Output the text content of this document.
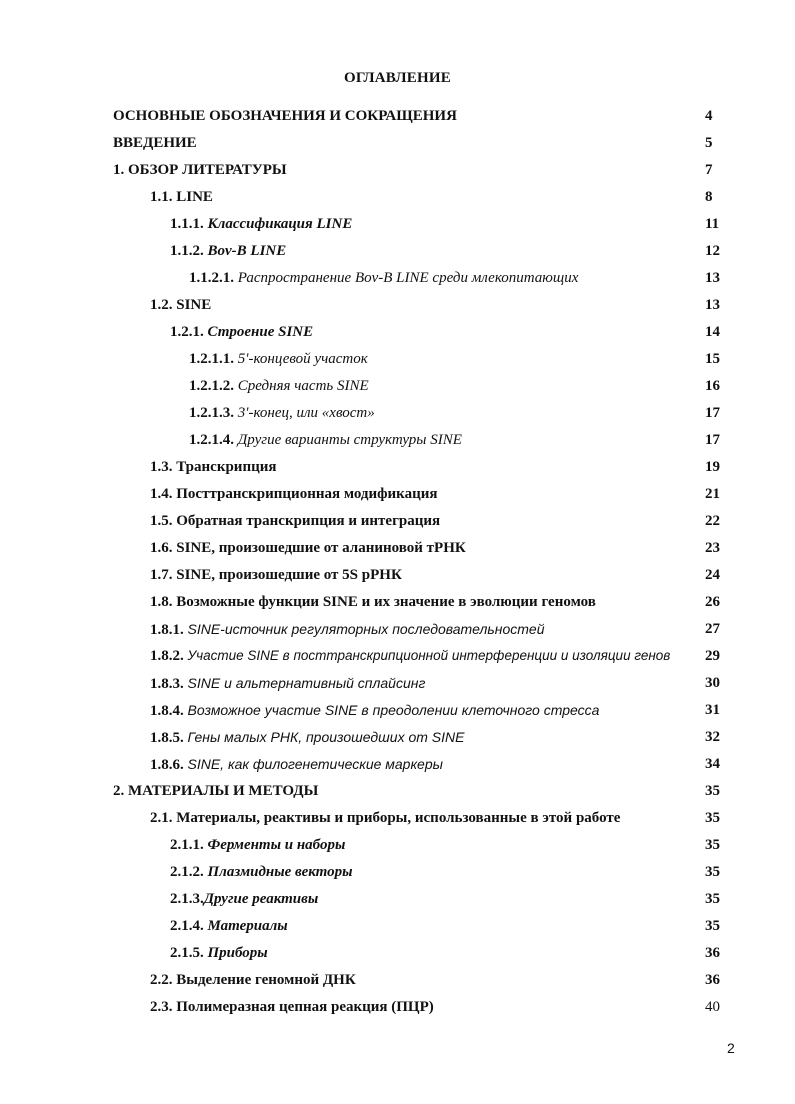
ОГЛАВЛЕНИЕ
ОСНОВНЫЕ ОБОЗНАЧЕНИЯ И СОКРАЩЕНИЯ	4
ВВЕДЕНИЕ	5
1. ОБЗОР ЛИТЕРАТУРЫ	7
1.1. LINE	8
1.1.1. Классификация LINE	11
1.1.2. Bov-B LINE	12
1.1.2.1. Распространение Bov-B LINE среди млекопитающих	13
1.2. SINE	13
1.2.1. Строение SINE	14
1.2.1.1. 5'-концевой участок	15
1.2.1.2. Средняя часть SINE	16
1.2.1.3. 3'-конец, или «хвост»	17
1.2.1.4. Другие варианты структуры SINE	17
1.3. Транскрипция	19
1.4. Посттранскрипционная модификация	21
1.5. Обратная транскрипция и интеграция	22
1.6. SINE, произошедшие от аланиновой тРНК	23
1.7. SINE, произошедшие от 5S рРНК	24
1.8. Возможные функции SINE и их значение в эволюции геномов	26
1.8.1. SINE-источник регуляторных последовательностей	27
1.8.2. Участие SINE в посттранскрипционной интерференции и изоляции генов 29
1.8.3. SINE и альтернативный сплайсинг	30
1.8.4. Возможное участие SINE в преодолении клеточного стресса	31
1.8.5. Гены малых РНК, произошедших от SINE	32
1.8.6. SINE, как филогенетические маркеры	34
2. МАТЕРИАЛЫ И МЕТОДЫ	35
2.1. Материалы, реактивы и приборы, использованные в этой работе	35
2.1.1. Ферменты и наборы	35
2.1.2. Плазмидные векторы	35
2.1.3.Другие реактивы	35
2.1.4. Материалы	35
2.1.5. Приборы	36
2.2. Выделение геномной ДНК	36
2.3. Полимеразная цепная реакция (ПЦР)	40
2
